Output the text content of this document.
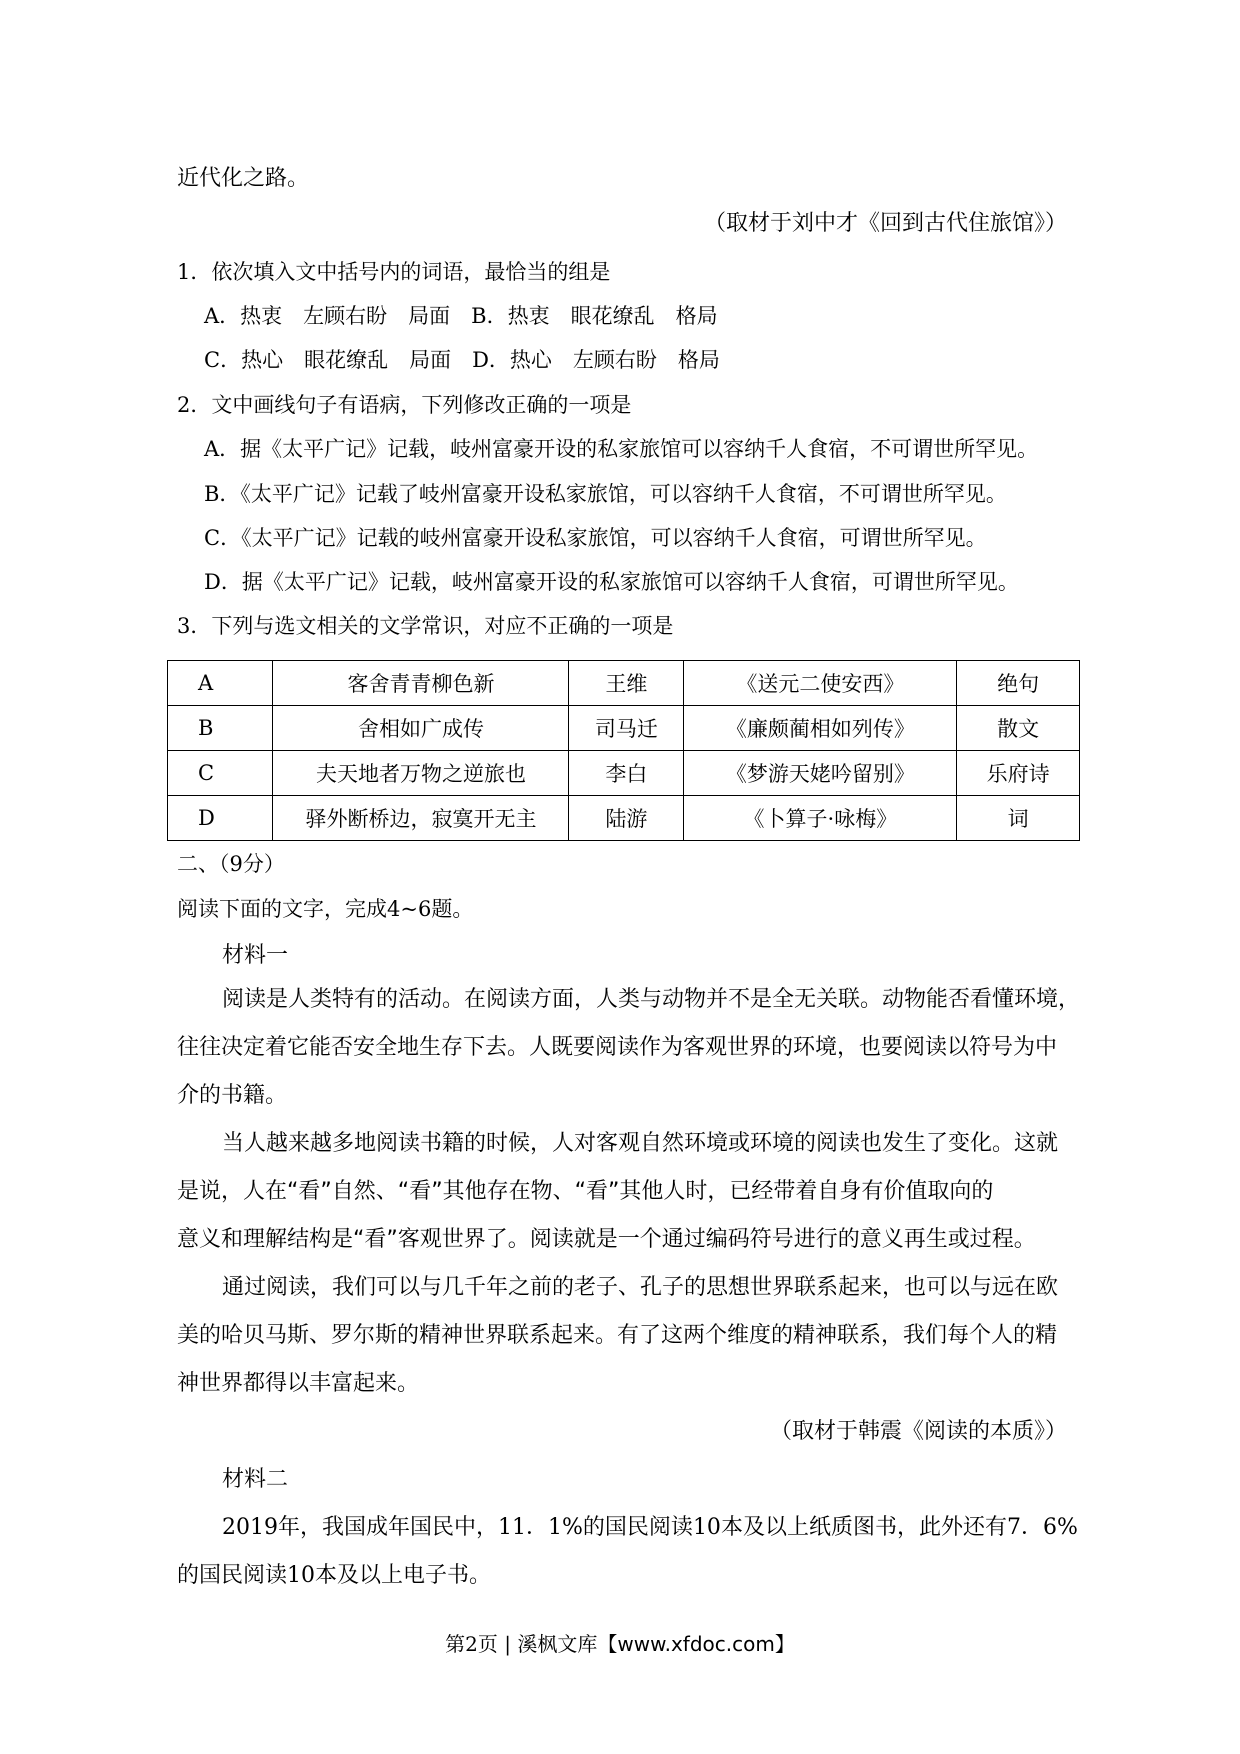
近代化之路。
（取材于刘中才《回到古代住旅馆》）
1．依次填入文中括号内的词语，最恰当的组是
A．热衷　左顾右盼　局面　B．热衷　眼花缭乱　格局
C．热心　眼花缭乱　局面　D．热心　左顾右盼　格局
2．文中画线句子有语病，下列修改正确的一项是
A．据《太平广记》记载，岐州富豪开设的私家旅馆可以容纳千人食宿，不可谓世所罕见。
B．《太平广记》记载了岐州富豪开设私家旅馆，可以容纳千人食宿，不可谓世所罕见。
C．《太平广记》记载的岐州富豪开设私家旅馆，可以容纳千人食宿，可谓世所罕见。
D．据《太平广记》记载，岐州富豪开设的私家旅馆可以容纳千人食宿，可谓世所罕见。
3．下列与选文相关的文学常识，对应不正确的一项是
A	客舍青青柳色新	王维	《送元二使安西》	绝句
B	舍相如广成传	司马迁	《廉颇蔺相如列传》	散文
C	夫天地者万物之逆旅也	李白	《梦游天姥吟留别》	乐府诗
D	驿外断桥边，寂寞开无主	陆游	《卜算子·咏梅》	词
二、（9分）
阅读下面的文字，完成4~6题。
材料一
阅读是人类特有的活动。在阅读方面，人类与动物并不是全无关联。动物能否看懂环境，
往往决定着它能否安全地生存下去。人既要阅读作为客观世界的环境，也要阅读以符号为中
介的书籍。
当人越来越多地阅读书籍的时候，人对客观自然环境或环境的阅读也发生了变化。这就
是说，人在“看”自然、“看”其他存在物、“看”其他人时，已经带着自身有价值取向的
意义和理解结构是“看”客观世界了。阅读就是一个通过编码符号进行的意义再生或过程。
通过阅读，我们可以与几千年之前的老子、孔子的思想世界联系起来，也可以与远在欧
美的哈贝马斯、罗尔斯的精神世界联系起来。有了这两个维度的精神联系，我们每个人的精
神世界都得以丰富起来。
（取材于韩震《阅读的本质》）
材料二
2019年，我国成年国民中，11．1%的国民阅读10本及以上纸质图书，此外还有7．6%
的国民阅读10本及以上电子书。
第2页 | 溪枫文库【www.xfdoc.com】
